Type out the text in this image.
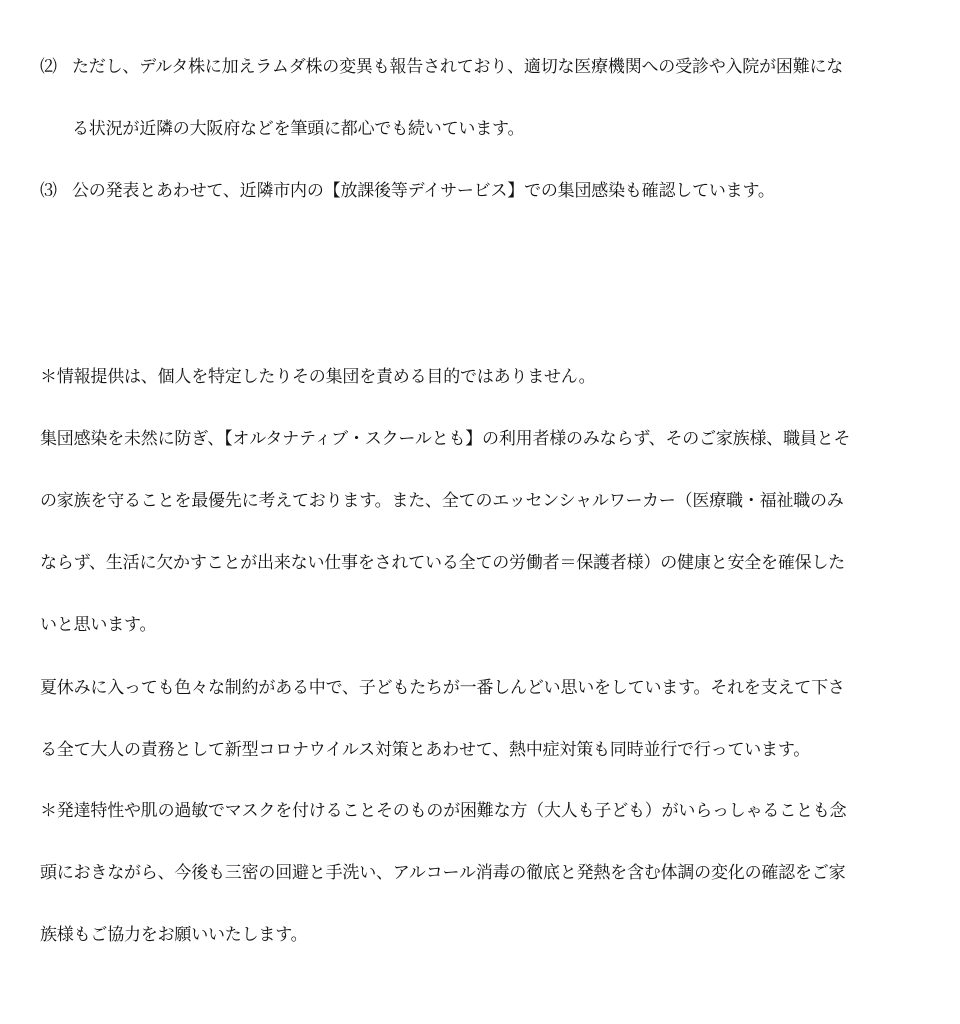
⑵ ただし、デルタ株に加えラムダ株の変異も報告されており、適切な医療機関への受診や入院が困難にな
る状況が近隣の大阪府などを筆頭に都心でも続いています。
⑶ 公の発表とあわせて、近隣市内の【放課後等デイサービス】での集団感染も確認しています。
＊情報提供は、個人を特定したりその集団を責める目的ではありません。
集団感染を未然に防ぎ、【オルタナティブ・スクールとも】の利用者様のみならず、そのご家族様、職員とそ
の家族を守ることを最優先に考えております。また、全てのエッセンシャルワーカー（医療職・福祉職のみ
ならず、生活に欠かすことが出来ない仕事をされている全ての労働者＝保護者様）の健康と安全を確保した
いと思います。
夏休みに入っても色々な制約がある中で、子どもたちが一番しんどい思いをしています。それを支えて下さ
る全て大人の責務として新型コロナウイルス対策とあわせて、熱中症対策も同時並行で行っています。
＊発達特性や肌の過敏でマスクを付けることそのものが困難な方（大人も子ども）がいらっしゃることも念
頭におきながら、今後も三密の回避と手洗い、アルコール消毒の徹底と発熱を含む体調の変化の確認をご家
族様もご協力をお願いいたします。
